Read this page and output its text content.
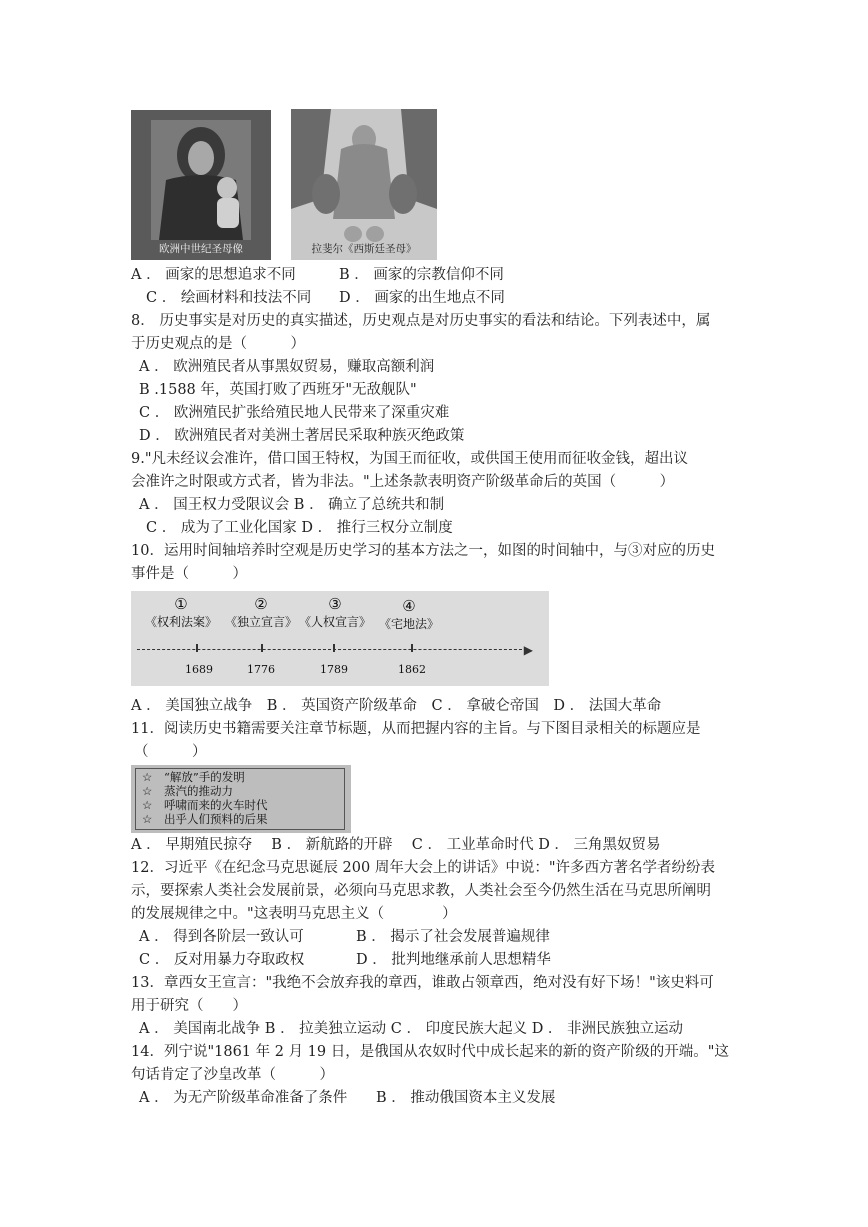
欧洲中世纪圣母像	拉斐尔《西斯廷圣母》
A ． 画家的思想追求不同	B ． 画家的宗教信仰不同
C ． 绘画材料和技法不同 D ． 画家的出生地点不同
8． 历史事实是对历史的真实描述，历史观点是对历史事实的看法和结论。下列表述中，属
于历史观点的是（　　　）
A ． 欧洲殖民者从事黑奴贸易，赚取高额利润
B .1588 年，英国打败了西班牙"无敌舰队"
C ． 欧洲殖民扩张给殖民地人民带来了深重灾难
D ． 欧洲殖民者对美洲土著居民采取种族灭绝政策
9."凡未经议会准许，借口国王特权，为国王而征收，或供国王使用而征收金钱，超出议
会准许之时限或方式者，皆为非法。"上述条款表明资产阶级革命后的英国（　　　）
A ． 国王权力受限议会 B ． 确立了总统共和制
C ． 成为了工业化国家 D ． 推行三权分立制度
10．运用时间轴培养时空观是历史学习的基本方法之一，如图的时间轴中，与③对应的历史
事件是（　　　）
①
《权利法案》
②
《独立宣言》
③
《人权宣言》
④
《宅地法》
▶
1689	1776	1789	1862
A ． 美国独立战争　B ． 英国资产阶级革命　C ． 拿破仑帝国　D ． 法国大革命
11．阅读历史书籍需要关注章节标题，从而把握内容的主旨。与下图目录相关的标题应是
（　　　）
☆ “解放”手的发明
☆ 蒸汽的推动力
☆ 呼啸而来的火车时代
☆ 出乎人们预料的后果
A ． 早期殖民掠夺　 B ． 新航路的开辟　 C ． 工业革命时代 D ． 三角黑奴贸易
12．习近平《在纪念马克思诞辰 200 周年大会上的讲话》中说："许多西方著名学者纷纷表
示，要探索人类社会发展前景，必须向马克思求教，人类社会至今仍然生活在马克思所阐明
的发展规律之中。"这表明马克思主义（　　　　）
A ． 得到各阶层一致认可	B ． 揭示了社会发展普遍规律
C ． 反对用暴力夺取政权	D ． 批判地继承前人思想精华
13．章西女王宣言："我绝不会放弃我的章西，谁敢占领章西，绝对没有好下场！"该史料可
用于研究（　　）
A ． 美国南北战争 B ． 拉美独立运动 C ． 印度民族大起义 D ． 非洲民族独立运动
14．列宁说"1861 年 2 月 19 日，是俄国从农奴时代中成长起来的新的资产阶级的开端。"这
句话肯定了沙皇改革（　　　）
A ． 为无产阶级革命准备了条件 B ． 推动俄国资本主义发展
